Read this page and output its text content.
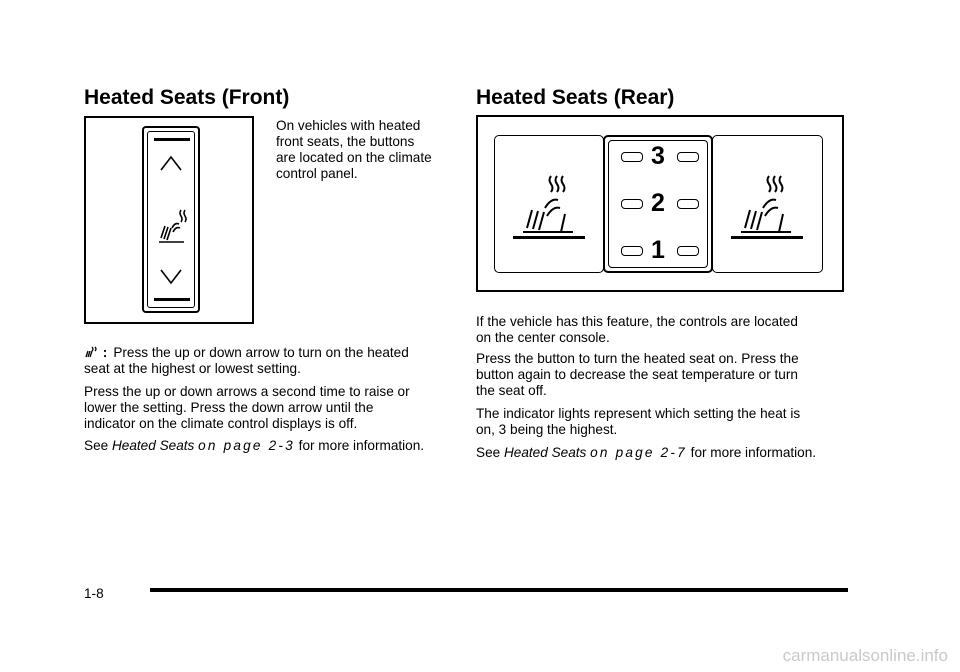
Heated Seats (Front)

On vehicles with heated

front seats, the buttons

are located on the climate

control panel.

: Press the up or down arrow to turn on the heated

seat at the highest or lowest setting.

Press the up or down arrows a second time to raise or

lower the setting. Press the down arrow until the

indicator on the climate control displays is off.

See Heated Seats on page 2-3 for more information.

Heated Seats (Rear)
3
2
1

If the vehicle has this feature, the controls are located

on the center console.

Press the button to turn the heated seat on. Press the

button again to decrease the seat temperature or turn

the seat off.

The indicator lights represent which setting the heat is

on, 3 being the highest.

See Heated Seats on page 2-7 for more information.

1-8
carmanualsonline.info
